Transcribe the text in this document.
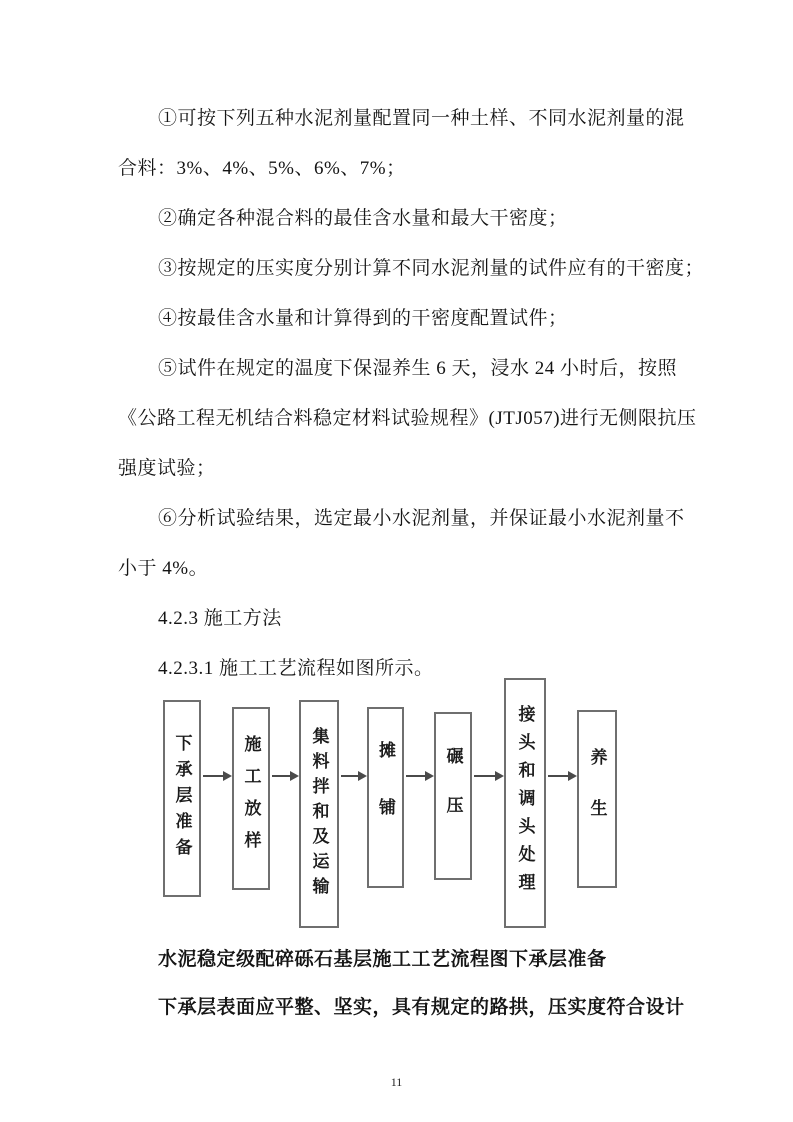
①可按下列五种水泥剂量配置同一种土样、不同水泥剂量的混

合料：3%、4%、5%、6%、7%；

②确定各种混合料的最佳含水量和最大干密度；

③按规定的压实度分别计算不同水泥剂量的试件应有的干密度；

④按最佳含水量和计算得到的干密度配置试件；

⑤试件在规定的温度下保湿养生 6 天，浸水 24 小时后，按照

《公路工程无机结合料稳定材料试验规程》(JTJ057)进行无侧限抗压

强度试验；

⑥分析试验结果，选定最小水泥剂量，并保证最小水泥剂量不

小于 4%。

4.2.3 施工方法

4.2.3.1 施工工艺流程如图所示。

下承层准备	施工放样	集料拌和及运输	摊铺	碾压	接头和调头处理	养生

水泥稳定级配碎砾石基层施工工艺流程图下承层准备

下承层表面应平整、坚实，具有规定的路拱，压实度符合设计

11
